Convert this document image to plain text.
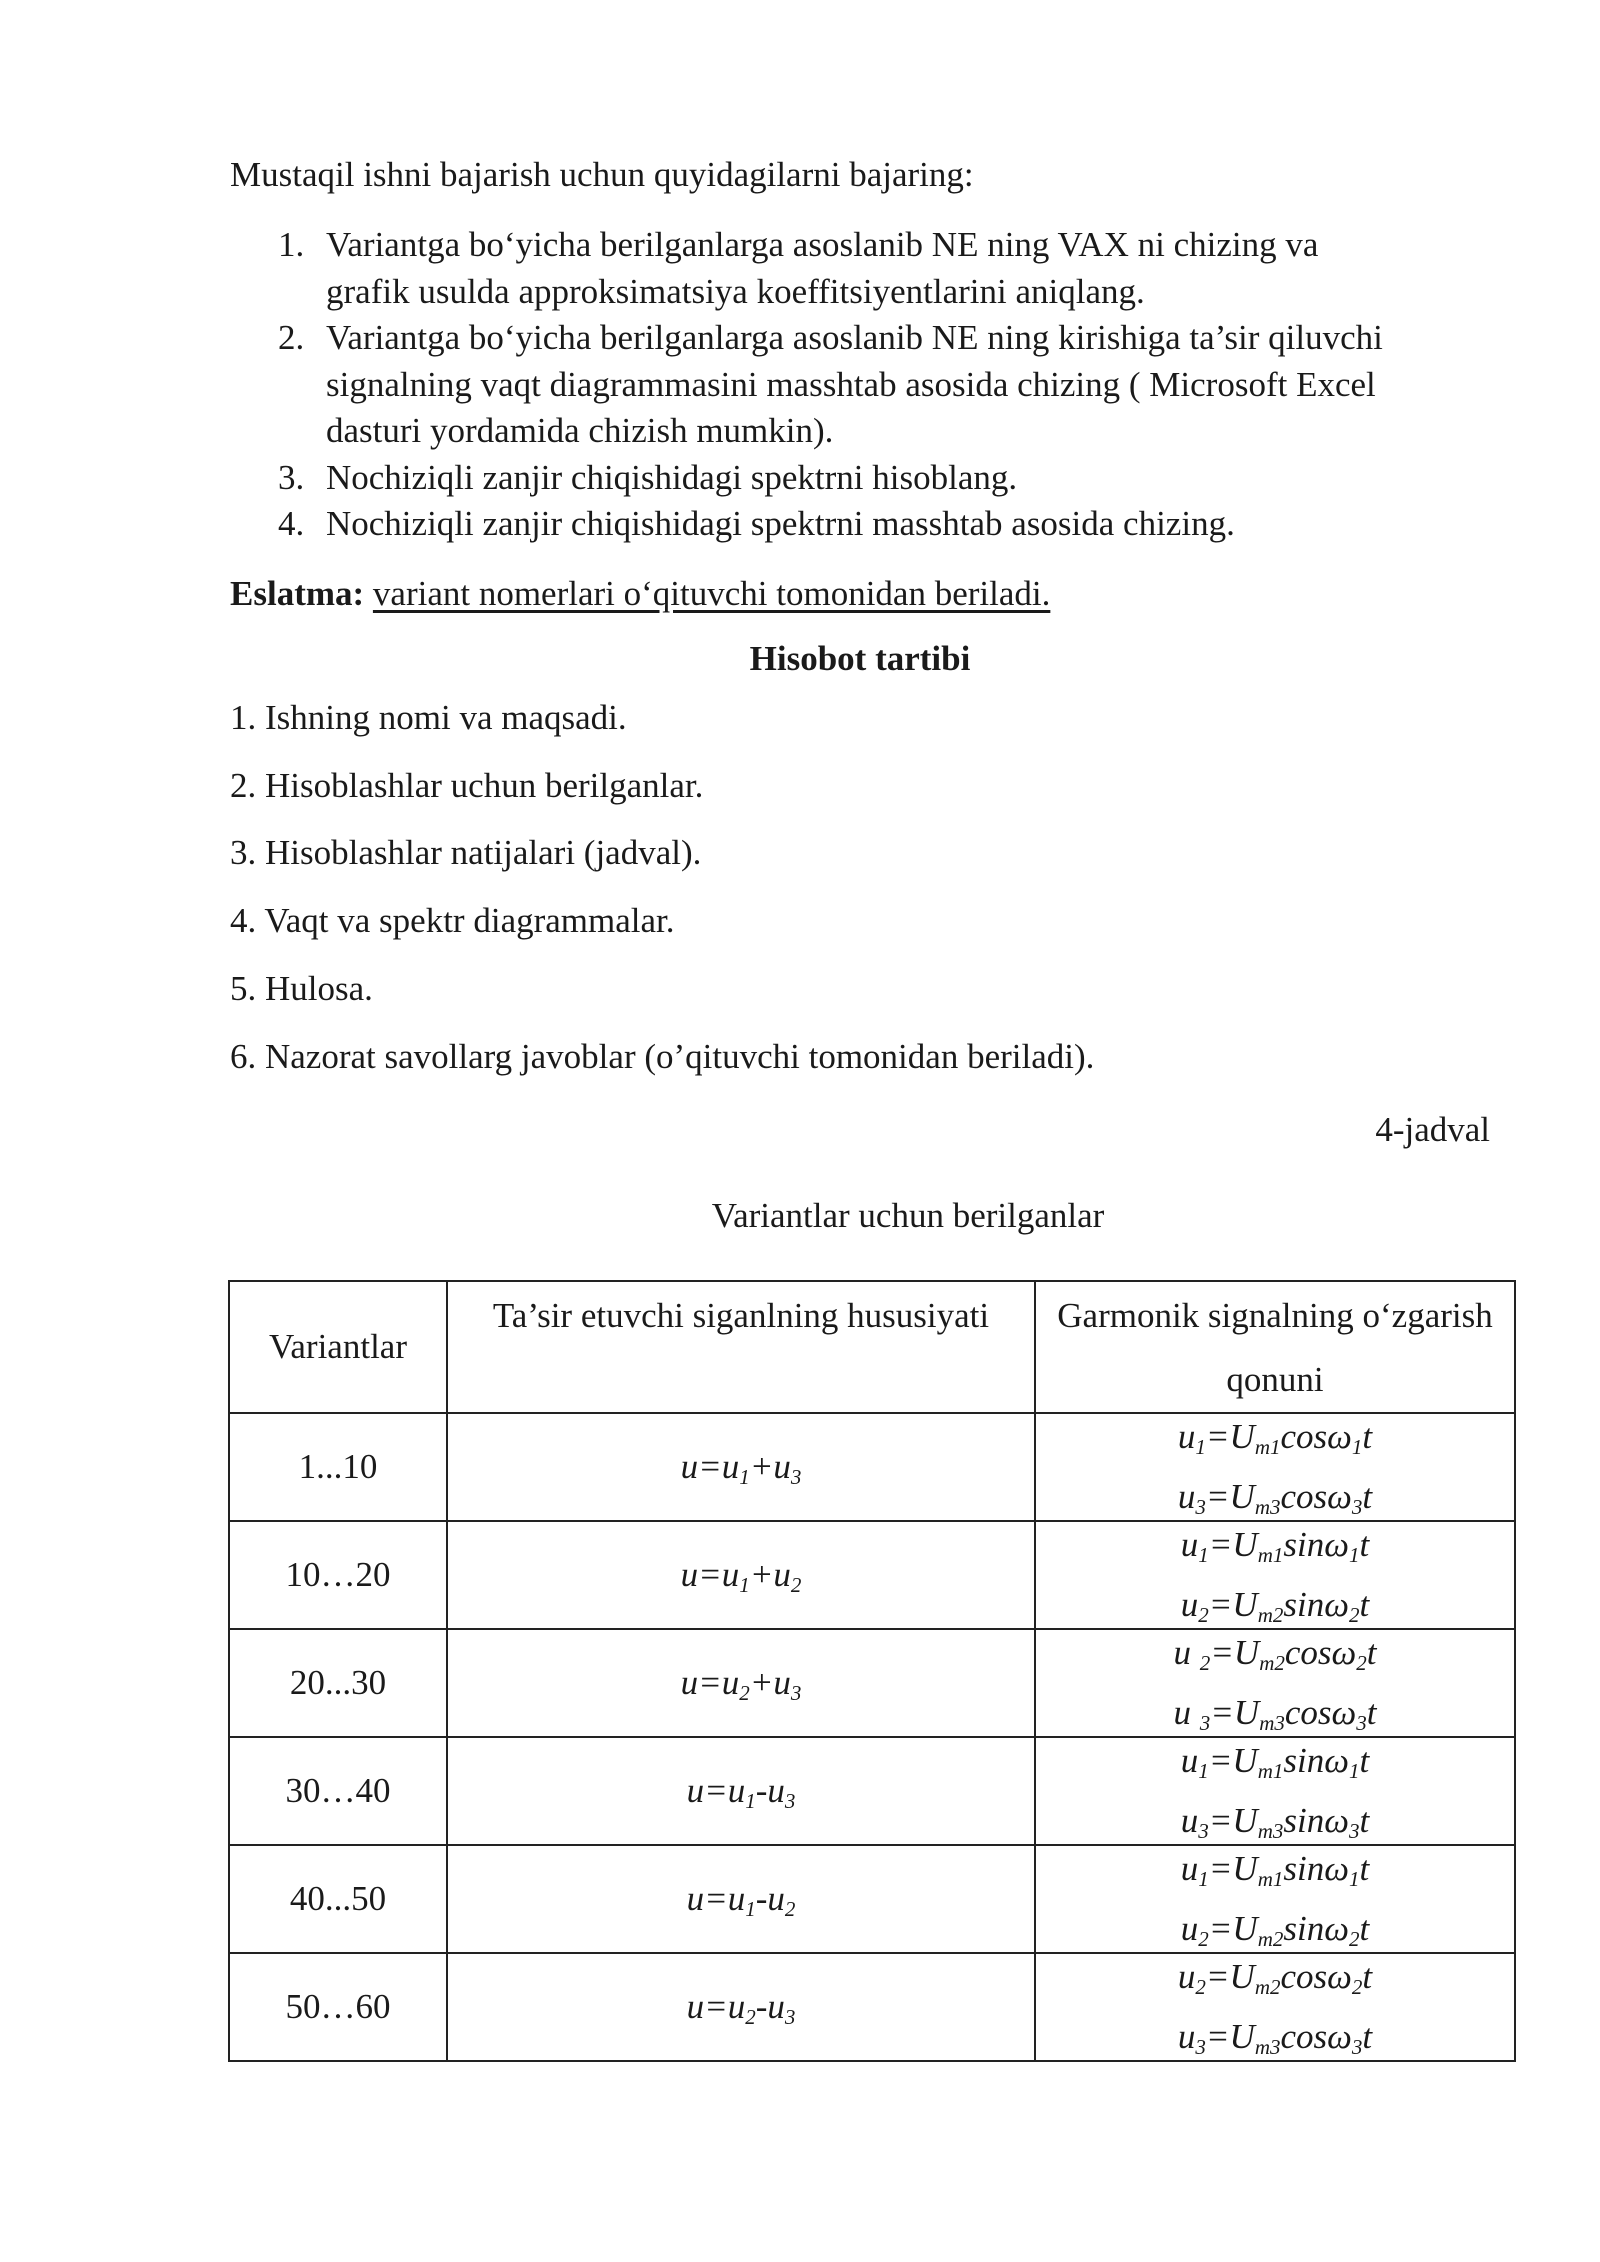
Mustaqil ishni bajarish uchun quyidagilarni bajaring:
1. Variantga bo‘yicha berilganlarga asoslanib NE ning VAX ni chizing va
grafik usulda approksimatsiya koeffitsiyentlarini aniqlang.
2. Variantga bo‘yicha berilganlarga asoslanib NE ning kirishiga ta’sir qiluvchi
signalning vaqt diagrammasini masshtab asosida chizing ( Microsoft Excel
dasturi yordamida chizish mumkin).
3. Nochiziqli zanjir chiqishidagi spektrni hisoblang.
4. Nochiziqli zanjir chiqishidagi spektrni masshtab asosida chizing.
Eslatma: variant nomerlari o‘qituvchi tomonidan beriladi.
Hisobot tartibi
1. Ishning nomi va maqsadi.
2. Hisoblashlar uchun berilganlar.
3. Hisoblashlar natijalari (jadval).
4. Vaqt va spektr diagrammalar.
5. Hulosa.
6. Nazorat savollarg javoblar (o’qituvchi tomonidan beriladi).
4-jadval
Variantlar uchun berilganlar
Variantlar	Ta’sir etuvchi siganlning hususiyati	Garmonik signalning o‘zgarish qonuni
1...10	$u=u_1+u_3$	$u_1=U_{m1}\cos\omega_1t$
$u_3=U_{m3}\cos\omega_3t$

10…20	$u=u_1+u_2$	$u_1=U_{m1}\sin\omega_1t$
$u_2=U_{m2}\sin\omega_2t$

20...30	$u=u_2+u_3$	u $_2=U_{m2}\cos\omega_2t$
u $_3=U_{m3}\cos\omega_3t$

30…40	$u=u_1-u_3$	$u_1=U_{m1}\sin\omega_1t$
$u_3=U_{m3}\sin\omega_3t$

40...50	$u=u_1-u_2$	$u_1=U_{m1}\sin\omega_1t$
$u_2=U_{m2}\sin\omega_2t$

50…60	$u=u_2-u_3$	$u_2=U_{m2}\cos\omega_2t$
$u_3=U_{m3}\cos\omega_3t$
